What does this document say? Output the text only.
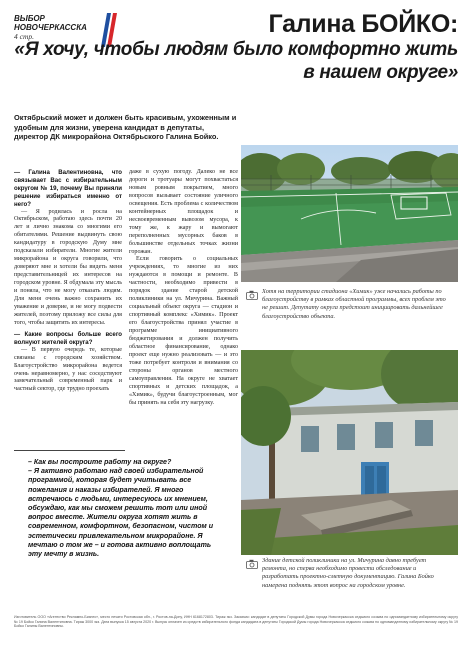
ВЫБОР
НОВОЧЕРКАССКА
4 стр.	Галина БОЙКО:
«Я хочу, чтобы людям было комфортно жить в нашем округе»
Октябрьский может и должен быть красивым, ухоженным и удобным для жизни, уверена кандидат в депутаты, директор ДК микрорайона Октябрьского Галина Бойко.

— Галина Валентиновна, что связывает Вас с избирательным округом № 19, почему Вы приняли решение избираться именно от него?

— Я родилась и росла на Октябрьском, работаю здесь почти 20 лет и лично знакома со многими его обитателями. Решение выдвинуть свою кандидатуру в городскую Думу мне подсказали избиратели. Многие жители микрорайона и округа говорили, что доверяют мне и хотели бы видеть меня представительницей их интересов на городском уровне. Я обдумала эту мысль и поняла, что не могу отказать людям. Для меня очень важно сохранить их уважение и доверие, и не могу подвести жителей, поэтому приложу все силы для того, чтобы защитить их интересы.

— Какие вопросы больше всего волнуют жителей округа?

— В первую очередь те, которые связаны с городским хозяйством. Благоустройство микрорайона ведется очень неравномерно, у нас соседствуют замечательный современный парк и частный сектор, где трудно проехать

даже в сухую погоду. Далеко не все дороги и тротуары могут похвастаться новым ровным покрытием, много вопросов вызывает состояние уличного освещения. Есть проблема с количеством контейнерных площадок и несвоевременным вывозом мусора, к тому же, к жару и вымогают переполненных мусорных баков в большинстве отдельных точках жизни горожан.

Если говорить о социальных учреждениях, то многие из них нуждаются в помощи и ремонте. В частности, необходимо привести в порядок здание старой детской поликлиники на ул. Мичурина. Важный социальный объект округа — стадион и спортивный комплекс «Химик». Проект его благоустройства принял участие в программе инициативного бюджетирования и должен получить областное финансирование, однако проект еще нужно реализовать — и это тоже потребует контроля и внимания со стороны органов местного самоуправления. На округе не хватает спортивных и детских площадок, а «Химик», будучи благоустроенным, мог бы принять на себя эту нагрузку.

– Как вы построите работу на округе?
– Я активно работаю над своей избирательной программой, которая будет учитывать все пожелания и наказы избирателей. Я много встречаюсь с людьми, интересуюсь их мнением, обсуждаю, как мы сможем решить тот или иной вопрос вместе. Жители округа хотят жить в современном, комфортном, безопасном, чистом и эстетически привлекательном микрорайоне. Я мечтаю о том же – и готова активно воплощать эту мечту в жизнь.
Хотя на территории стадиона «Химик» уже начались работы по благоустройству в рамках областной программы, всех проблем это не решит. Депутату округа предстоит инициировать дальнейшее благоустройство объекта.
Здание детской поликлиники на ул. Мичурина давно требует ремонта, но сперва необходимо провести обследование и разработать проектно-сметную документацию. Галина Бойко намерена поднять этот вопрос на городском уровне.
Изготовитель ООО «Агентство Рекламно-Бизнес», место печати Ростовская обл., г. Ростов-на-Дону, ИНН 6168172803. Тираж экз. Заказчик: кандидат в депутаты Городской Думы города Новочеркасска седьмого созыва по одномандатному избирательному округу № 19 Бойко Галина Валентиновна. Тираж 3000 экз. Дата выпуска 15 августа 2020 г. Выпуск оплачен из средств избирательного фонда кандидата в депутаты Городской Думы города Новочеркасска седьмого созыва по одномандатному избирательному округу № 19 Бойко Галины Валентиновны.
